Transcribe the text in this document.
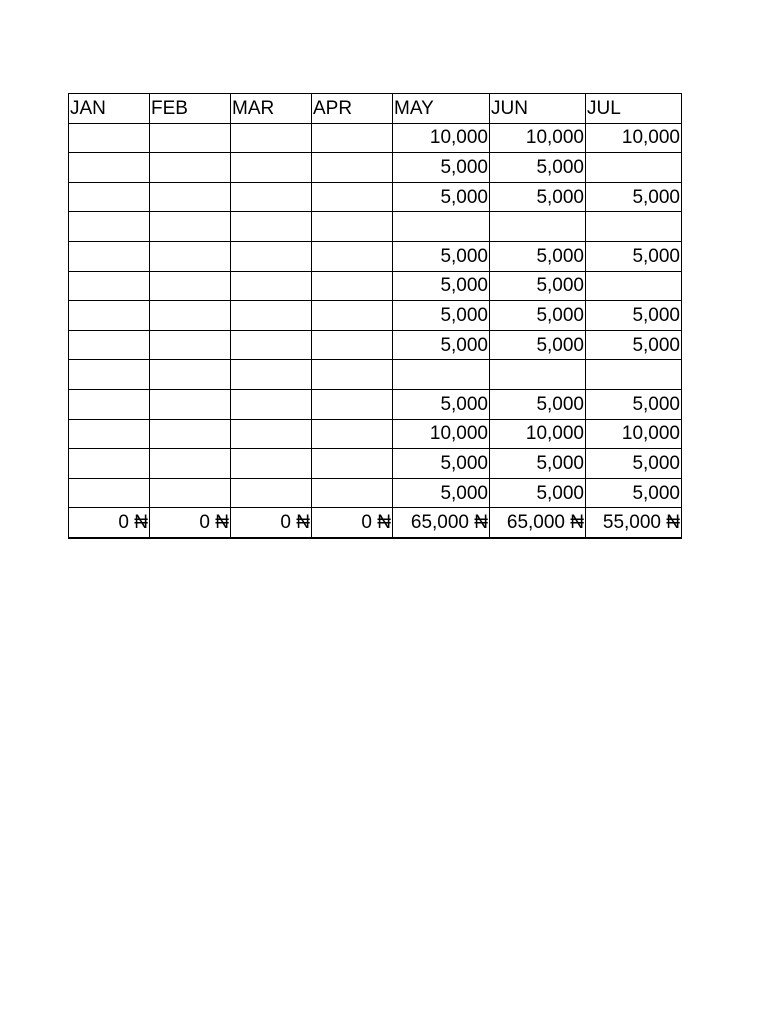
JAN	FEB	MAR	APR	MAY	JUN	JUL
				10,000	10,000	10,000
				5,000	5,000	
				5,000	5,000	5,000

				5,000	5,000	5,000
				5,000	5,000	
				5,000	5,000	5,000
				5,000	5,000	5,000

				5,000	5,000	5,000
				10,000	10,000	10,000
				5,000	5,000	5,000
				5,000	5,000	5,000
0 ₦	0 ₦	0 ₦	0 ₦	65,000 ₦	65,000 ₦	55,000 ₦
